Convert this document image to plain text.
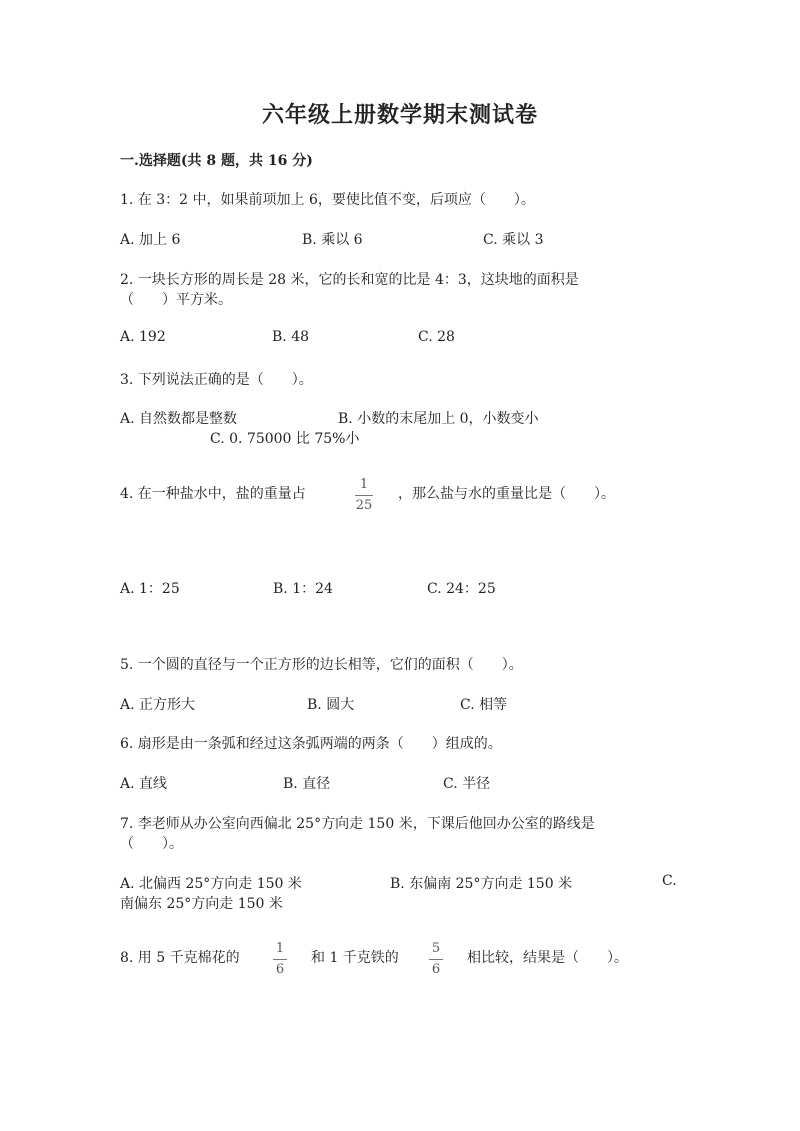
六年级上册数学期末测试卷
一.选择题(共 8 题，共 16 分)
1. 在 3：2 中，如果前项加上 6，要使比值不变，后项应（　　）。
A. 加上 6	B. 乘以 6	C. 乘以 3
2. 一块长方形的周长是 28 米，它的长和宽的比是 4：3，这块地的面积是
（　　）平方米。
A. 192	B. 48	C. 28
3. 下列说法正确的是（　　）。
A. 自然数都是整数	B. 小数的末尾加上 0，小数变小
C. 0. 75000 比 75%小
4. 在一种盐水中，盐的重量占
1
25
，那么盐与水的重量比是（　　）。
A. 1：25	B. 1：24	C. 24：25
5. 一个圆的直径与一个正方形的边长相等，它们的面积（　　）。
A. 正方形大	B. 圆大	C. 相等
6. 扇形是由一条弧和经过这条弧两端的两条（　　）组成的。
A. 直线	B. 直径	C. 半径
7. 李老师从办公室向西偏北 25°方向走 150 米，下课后他回办公室的路线是
（　　）。
A. 北偏西 25°方向走 150 米	B. 东偏南 25°方向走 150 米	C.
南偏东 25°方向走 150 米
8. 用 5 千克棉花的
1
6
和 1 千克铁的
5
6
相比较，结果是（　　）。
